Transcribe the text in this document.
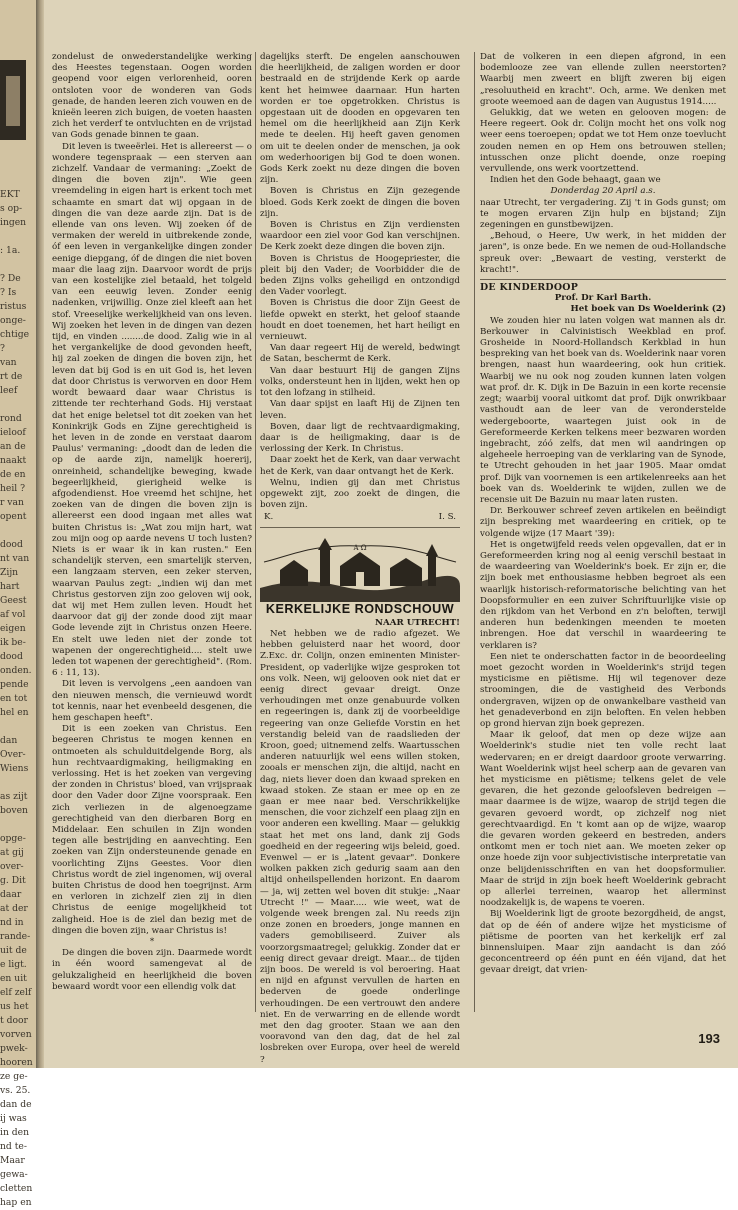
EKT
s op-
ingen

: 1a.

? De
? Is
ristus
onge-
chtige
?
van
rt de
leef

rond
ieloof
an de
naakt
de en
heil ?
r van
opent

dood
nt van
Zijn
hart
Geest
af vol
eigen
ik be-
dood
onden.
pende
en tot
hel en

dan
Over-
Wiens

as zijt
boven

opge-
at gij
over-
g. Dit
daar
at der
nd in
rande-
uit de
e ligt.
en uit
elf zelf
us het
t door
vorven
pwek-
hooren
ze ge-
vs. 25.
dan de
ij was
in den
nd te-
Maar
gewa-
cletten
hap en

zondelust de onwederstandelijke werking des Heestes tegenstaan. Oogen worden geopend voor eigen verlorenheid, ooren ontsloten voor de wonderen van Gods genade, de handen leeren zich vouwen en de knieën leeren zich buigen, de voeten haasten zich het verderf te ontvluchten en de vrijstad van Gods genade binnen te gaan.

Dit leven is tweeërlei. Het is allereerst — o wondere tegenspraak — een sterven aan zichzelf. Vandaar de vermaning: „Zoekt de dingen die boven zijn". Wie geen vreemdeling in eigen hart is erkent toch met schaamte en smart dat wij opgaan in de dingen die van deze aarde zijn. Dat is de ellende van ons leven. Wij zoeken óf de vermaken der wereld in uitbrekende zonde, óf een leven in vergankelijke dingen zonder eenige diepgang, óf de dingen die niet boven maar die laag zijn. Daarvoor wordt de prijs van een kostelijke ziel betaald, het tolgeld van een eeuwig leven. Zonder eenig nadenken, vrijwillig. Onze ziel kleeft aan het stof. Vreeselijke werkelijkheid van ons leven. Wij zoeken het leven in de dingen van dezen tijd, en vinden ........de dood. Zalig wie in al het vergankelijke de dood gevonden heeft, hij zal zoeken de dingen die boven zijn, het leven dat bij God is en uit God is, het leven dat door Christus is verworven en door Hem wordt bewaard daar waar Christus is zittende ter rechterhand Gods. Hij verstaat dat het enige beletsel tot dit zoeken van het Koninkrijk Gods en Zijne gerechtigheid is het leven in de zonde en verstaat daarom Paulus' vermaning: „doodt dan de leden die op de aarde zijn, namelijk hoererij, onreinheid, schandelijke beweging, kwade begeerlijkheid, gierigheid welke is afgodendienst. Hoe vreemd het schijne, het zoeken van de dingen die boven zijn is allereerst een dood ingaan met alles wat buiten Christus is: „Wat zou mijn hart, wat zou mijn oog op aarde nevens U toch lusten? Niets is er waar ik in kan rusten." Een schandelijk sterven, een smartelijk sterven, een langzaam sterven, een zeker sterven, waarvan Paulus zegt: „indien wij dan met Christus gestorven zijn zoo geloven wij ook, dat wij met Hem zullen leven. Houdt het daarvoor dat gij der zonde dood zijt maar Gode levende zijt in Christus onzen Heere. En stelt uwe leden niet der zonde tot wapenen der ongerechtigheid.... stelt uwe leden tot wapenen der gerechtigheid". (Rom. 6 : 11, 13).

Dit leven is vervolgens „een aandoen van den nieuwen mensch, die vernieuwd wordt tot kennis, naar het evenbeeld desgenen, die hem geschapen heeft".

Dit is een zoeken van Christus. Een begeeren Christus te mogen kennen en ontmoeten als schulduitdelgende Borg, als hun rechtvaardigmaking, heiligmaking en verlossing. Het is het zoeken van vergeving der zonden in Christus' bloed, van vrijspraak door den Vader door Zijne voorspraak. Een zich verliezen in de algenoegzame gerechtigheid van den dierbaren Borg en Middelaar. Een schuilen in Zijn wonden tegen alle bestrijding en aanvechting. Een zoeken van Zijn ondersteunende genade en voorlichting Zijns Geestes. Voor dien Christus wordt de ziel ingenomen, wij overal buiten Christus de dood hen toegrijnst. Arm en verloren in zichzelf zien zij in dien Christus de eenige mogelijkheid tot zaligheid. Hoe is de ziel dan bezig met de dingen die boven zijn, waar Christus is!

*

De dingen die boven zijn. Daarmede wordt in één woord samengevat al de gelukzaligheid en heerlijkheid die boven bewaard wordt voor een ellendig volk dat

dagelijks sterft. De engelen aanschouwen die heerlijkheid, de zaligen worden er door bestraald en de strijdende Kerk op aarde kent het heimwee daarnaar. Hun harten worden er toe opgetrokken. Christus is opgestaan uit de dooden en opgevaren ten hemel om die heerlijkheid aan Zijn Kerk mede te deelen. Hij heeft gaven genomen om uit te deelen onder de menschen, ja ook om wederhoorigen bij God te doen wonen. Gods Kerk zoekt nu deze dingen die boven zijn.

Boven is Christus en Zijn gezegende bloed. Gods Kerk zoekt de dingen die boven zijn.

Boven is Christus en Zijn verdiensten waardoor een ziel voor God kan verschijnen. De Kerk zoekt deze dingen die boven zijn.

Boven is Christus de Hoogepriester, die pleit bij den Vader; de Voorbidder die de beden Zijns volks geheiligd en ontzondigd den Vader voorlegt.

Boven is Christus die door Zijn Geest de liefde opwekt en sterkt, het geloof staande houdt en doet toenemen, het hart heiligt en vernieuwt.

Van daar regeert Hij de wereld, bedwingt de Satan, beschermt de Kerk.

Van daar bestuurt Hij de gangen Zijns volks, ondersteunt hen in lijden, wekt hen op tot den lofzang in stilheid.

Van daar spijst en laaft Hij de Zijnen ten leven.

Boven, daar ligt de rechtvaardigmaking, daar is de heiligmaking, daar is de verlossing der Kerk. In Christus.

Daar zoekt het de Kerk, van daar verwacht het de Kerk, van daar ontvangt het de Kerk.

Welnu, indien gij dan met Christus opgewekt zijt, zoo zoekt de dingen, die boven zijn.

K.	I. S.
A Ω
KERKELIJKE RONDSCHOUW

NAAR UTRECHT!

Net hebben we de radio afgezet. We hebben geluisterd naar het woord, door Z.Exc. dr. Colijn, onzen eminenten Minister-President, op vaderlijke wijze gesproken tot ons volk. Neen, wij gelooven ook niet dat er eenig direct gevaar dreigt. Onze verhoudingen met onze genabuurde volken en regeeringen is, dank zij de voorbeeldige regeering van onze Geliefde Vorstin en het verstandig beleid van de raadslieden der Kroon, goed; uitnemend zelfs. Waartusschen anderen natuurlijk wel eens willen stoken, zooals er menschen zijn, die altijd, nacht en dag, niets liever doen dan kwaad spreken en kwaad stoken. Ze staan er mee op en ze gaan er mee naar bed. Verschrikkelijke menschen, die voor zichzelf een plaag zijn en voor anderen een kwelling. Maar — gelukkig staat het met ons land, dank zij Gods goedheid en der regeering wijs beleid, goed. Evenwel — er is „latent gevaar". Donkere wolken pakken zich gedurig saam aan den altijd onheilspellenden horizont. En daarom — ja, wij zetten wel boven dit stukje: „Naar Utrecht !" — Maar..... wie weet, wat de volgende week brengen zal. Nu reeds zijn onze zonen en broeders, jonge mannen en vaders gemobiliseerd. Zuiver als voorzorgsmaatregel; gelukkig. Zonder dat er eenig direct gevaar dreigt. Maar... de tijden zijn boos. De wereld is vol beroering. Haat en nijd en afgunst vervullen de harten en bederven de goede onderlinge verhoudingen. De een vertrouwt den andere niet. En de verwarring en de ellende wordt met den dag grooter. Staan we aan den vooravond van den dag, dat de hel zal losbreken over Europa, over heel de wereld ?

Dat de volkeren in een diepen afgrond, in een bodemlooze zee van ellende zullen neerstorten? Waarbij men zweert en blijft zweren bij eigen „resoluutheid en kracht". Och, arme. We denken met groote weemoed aan de dagen van Augustus 1914.....

Gelukkig, dat we weten en gelooven mogen: de Heere regeert. Ook dr. Colijn mocht het ons volk nog weer eens toeroepen; opdat we tot Hem onze toevlucht zouden nemen en op Hem ons betrouwen stellen; intusschen onze plicht doende, onze roeping vervullende, ons werk voortzettend.

Indien het den Gode behaagt, gaan we

Donderdag 20 April a.s.

naar Utrecht, ter vergadering. Zij 't in Gods gunst; om te mogen ervaren Zijn hulp en bijstand; Zijn zegeningen en gunstbewijzen.

„Behoud, o Heere, Uw werk, in het midden der jaren", is onze bede. En we nemen de oud-Hollandsche spreuk over: „Bewaart de vesting, versterkt de kracht!".

DE KINDERDOOP

Prof. Dr Karl Barth.

Het boek van Ds Woelderink (2)

We zouden hier nu laten volgen wat mannen als dr. Berkouwer in Calvinistisch Weekblad en prof. Grosheide in Noord-Hollandsch Kerkblad in hun bespreking van het boek van ds. Woelderink naar voren brengen, naast hun waardeering, ook hun critiek. Waarbij we nu ook nog zouden kunnen laten volgen wat prof. dr. K. Dijk in De Bazuin in een korte recensie zegt; waarbij vooral uitkomt dat prof. Dijk onwrikbaar vasthoudt aan de leer van de veronderstelde wedergeboorte, waartegen juist ook in de Gereformeerde Kerken telkens meer bezwaren worden ingebracht, zóó zelfs, dat men wil aandringen op algeheele herroeping van de verklaring van de Synode, te Utrecht gehouden in het jaar 1905. Maar omdat prof. Dijk van voornemen is een artikelenreeks aan het boek van ds. Woelderink te wijden, zullen we de recensie uit De Bazuin nu maar laten rusten.

Dr. Berkouwer schreef zeven artikelen en beëindigt zijn bespreking met waardeering en critiek, op te volgende wijze (17 Maart '39):

Het is ongetwijfeld reeds velen opgevallen, dat er in Gereformeerden kring nog al eenig verschil bestaat in de waardeering van Woelderink's boek. Er zijn er, die zijn boek met enthousiasme hebben begroet als een waarlijk historisch-reformatorische belichting van het Doopsformulier en een zuiver Schriftuurlijke visie op den rijkdom van het Verbond en z'n beloften, terwijl anderen hun bedenkingen meenden te moeten inbrengen. Hoe dat verschil in waardeering te verklaren is?

Een niet te onderschatten factor in de beoordeeling moet gezocht worden in Woelderink's strijd tegen mysticisme en piëtisme. Hij wil tegenover deze stroomingen, die de vastigheid des Verbonds ondergraven, wijzen op de onwankelbare vastheid van het genadeverbond en zijn beloften. En velen hebben op grond hiervan zijn boek geprezen.

Maar ik geloof, dat men op deze wijze aan Woelderink's studie niet ten volle recht laat wedervaren; en er dreigt daardoor groote verwarring. Want Woelderink wijst heel scherp aan de gevaren van het mysticisme en piëtisme; telkens gelet de vele gevaren, die het gezonde geloofsleven bedreigen — maar daarmee is de wijze, waarop de strijd tegen die gevaren gevoerd wordt, op zichzelf nog niet gerechtvaardigd. En 't komt aan op de wijze, waarop die gevaren worden gekeerd en bestreden, anders ontkomt men er toch niet aan. We moeten zeker op onze hoede zijn voor subjectivistische interpretatie van onze belijdenisschriften en van het doopsformulier. Maar de strijd in zijn boek heeft Woelderink gebracht op allerlei terreinen, waarop het allerminst noodzakelijk is, de wapens te voeren.

Bij Woelderink ligt de groote bezorgdheid, de angst, dat op de één of andere wijze het mysticisme of piëtisme de poorten van het kerkelijk erf zal binnensluipen. Maar zijn aandacht is dan zóó geconcentreerd op één punt en één vijand, dat het gevaar dreigt, dat vrien-

193
